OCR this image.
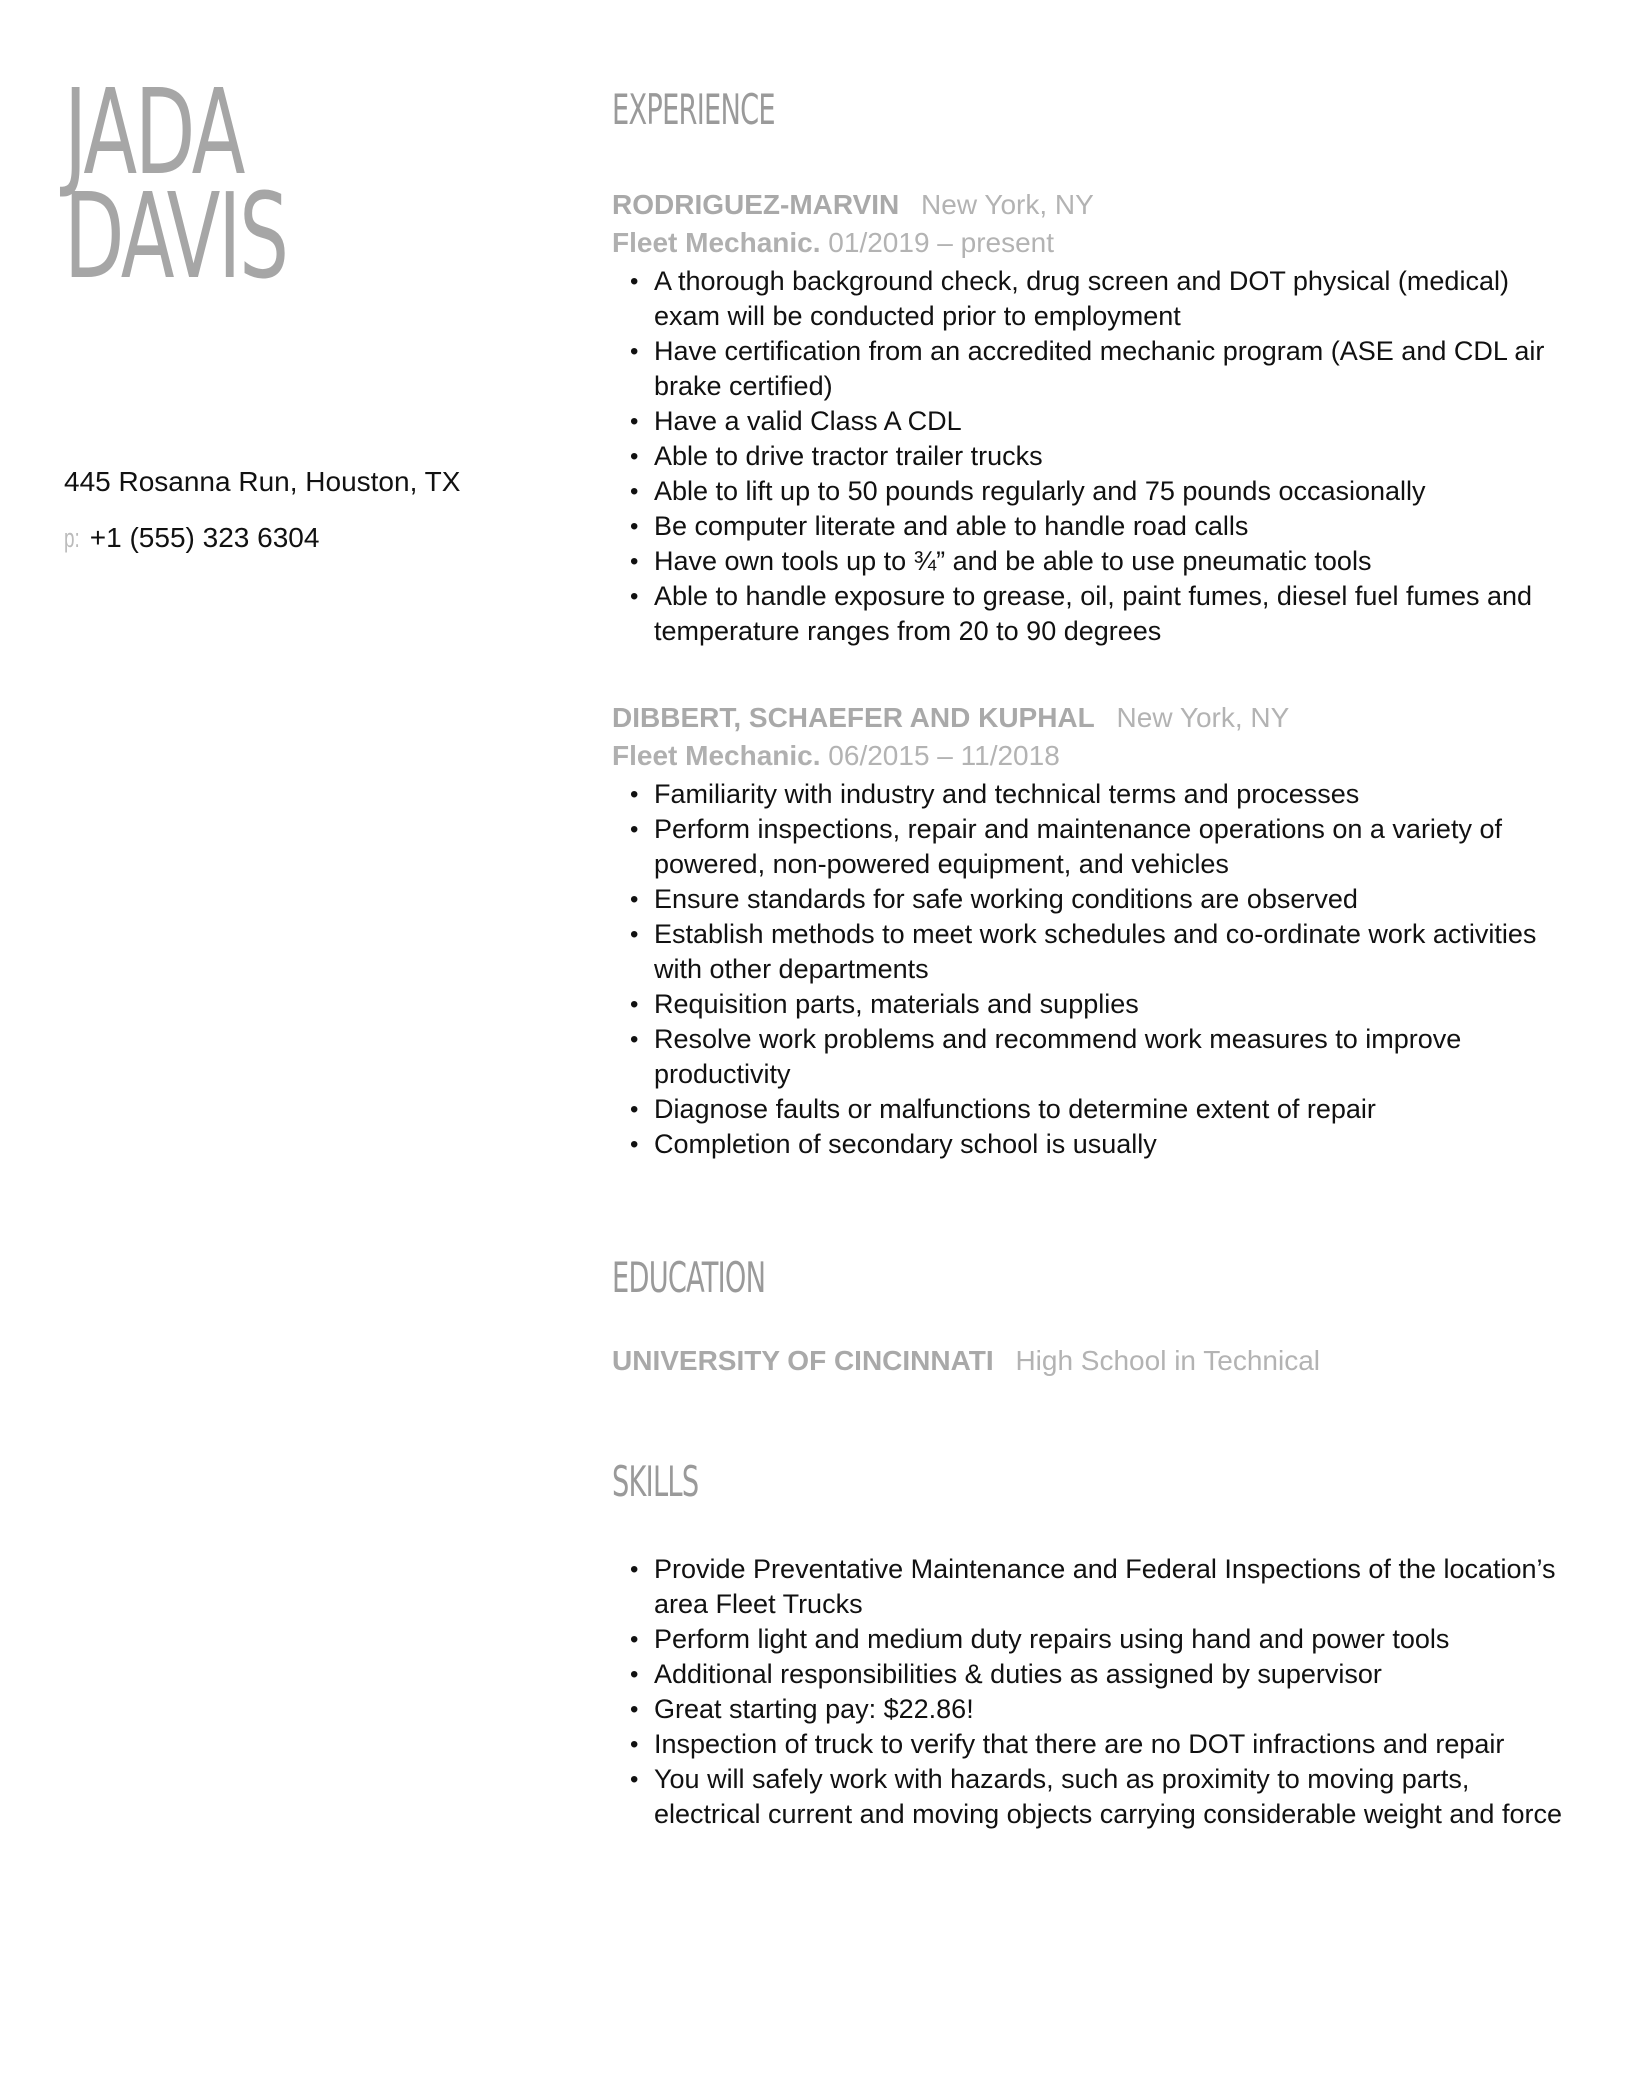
JADA
DAVIS
445 Rosanna Run, Houston, TX
p: +1 (555) 323 6304
EXPERIENCE
RODRIGUEZ-MARVIN New York, NY
Fleet Mechanic. 01/2019 – present
• A thorough background check, drug screen and DOT physical (medical) exam will be conducted prior to employment
• Have certification from an accredited mechanic program (ASE and CDL air brake certified)
• Have a valid Class A CDL
• Able to drive tractor trailer trucks
• Able to lift up to 50 pounds regularly and 75 pounds occasionally
• Be computer literate and able to handle road calls
• Have own tools up to ¾” and be able to use pneumatic tools
• Able to handle exposure to grease, oil, paint fumes, diesel fuel fumes and temperature ranges from 20 to 90 degrees
DIBBERT, SCHAEFER AND KUPHAL New York, NY
Fleet Mechanic. 06/2015 – 11/2018
• Familiarity with industry and technical terms and processes
• Perform inspections, repair and maintenance operations on a variety of powered, non-powered equipment, and vehicles
• Ensure standards for safe working conditions are observed
• Establish methods to meet work schedules and co-ordinate work activities with other departments
• Requisition parts, materials and supplies
• Resolve work problems and recommend work measures to improve productivity
• Diagnose faults or malfunctions to determine extent of repair
• Completion of secondary school is usually
EDUCATION
UNIVERSITY OF CINCINNATI High School in Technical
SKILLS
• Provide Preventative Maintenance and Federal Inspections of the location’s area Fleet Trucks
• Perform light and medium duty repairs using hand and power tools
• Additional responsibilities & duties as assigned by supervisor
• Great starting pay: $22.86!
• Inspection of truck to verify that there are no DOT infractions and repair
• You will safely work with hazards, such as proximity to moving parts, electrical current and moving objects carrying considerable weight and force
